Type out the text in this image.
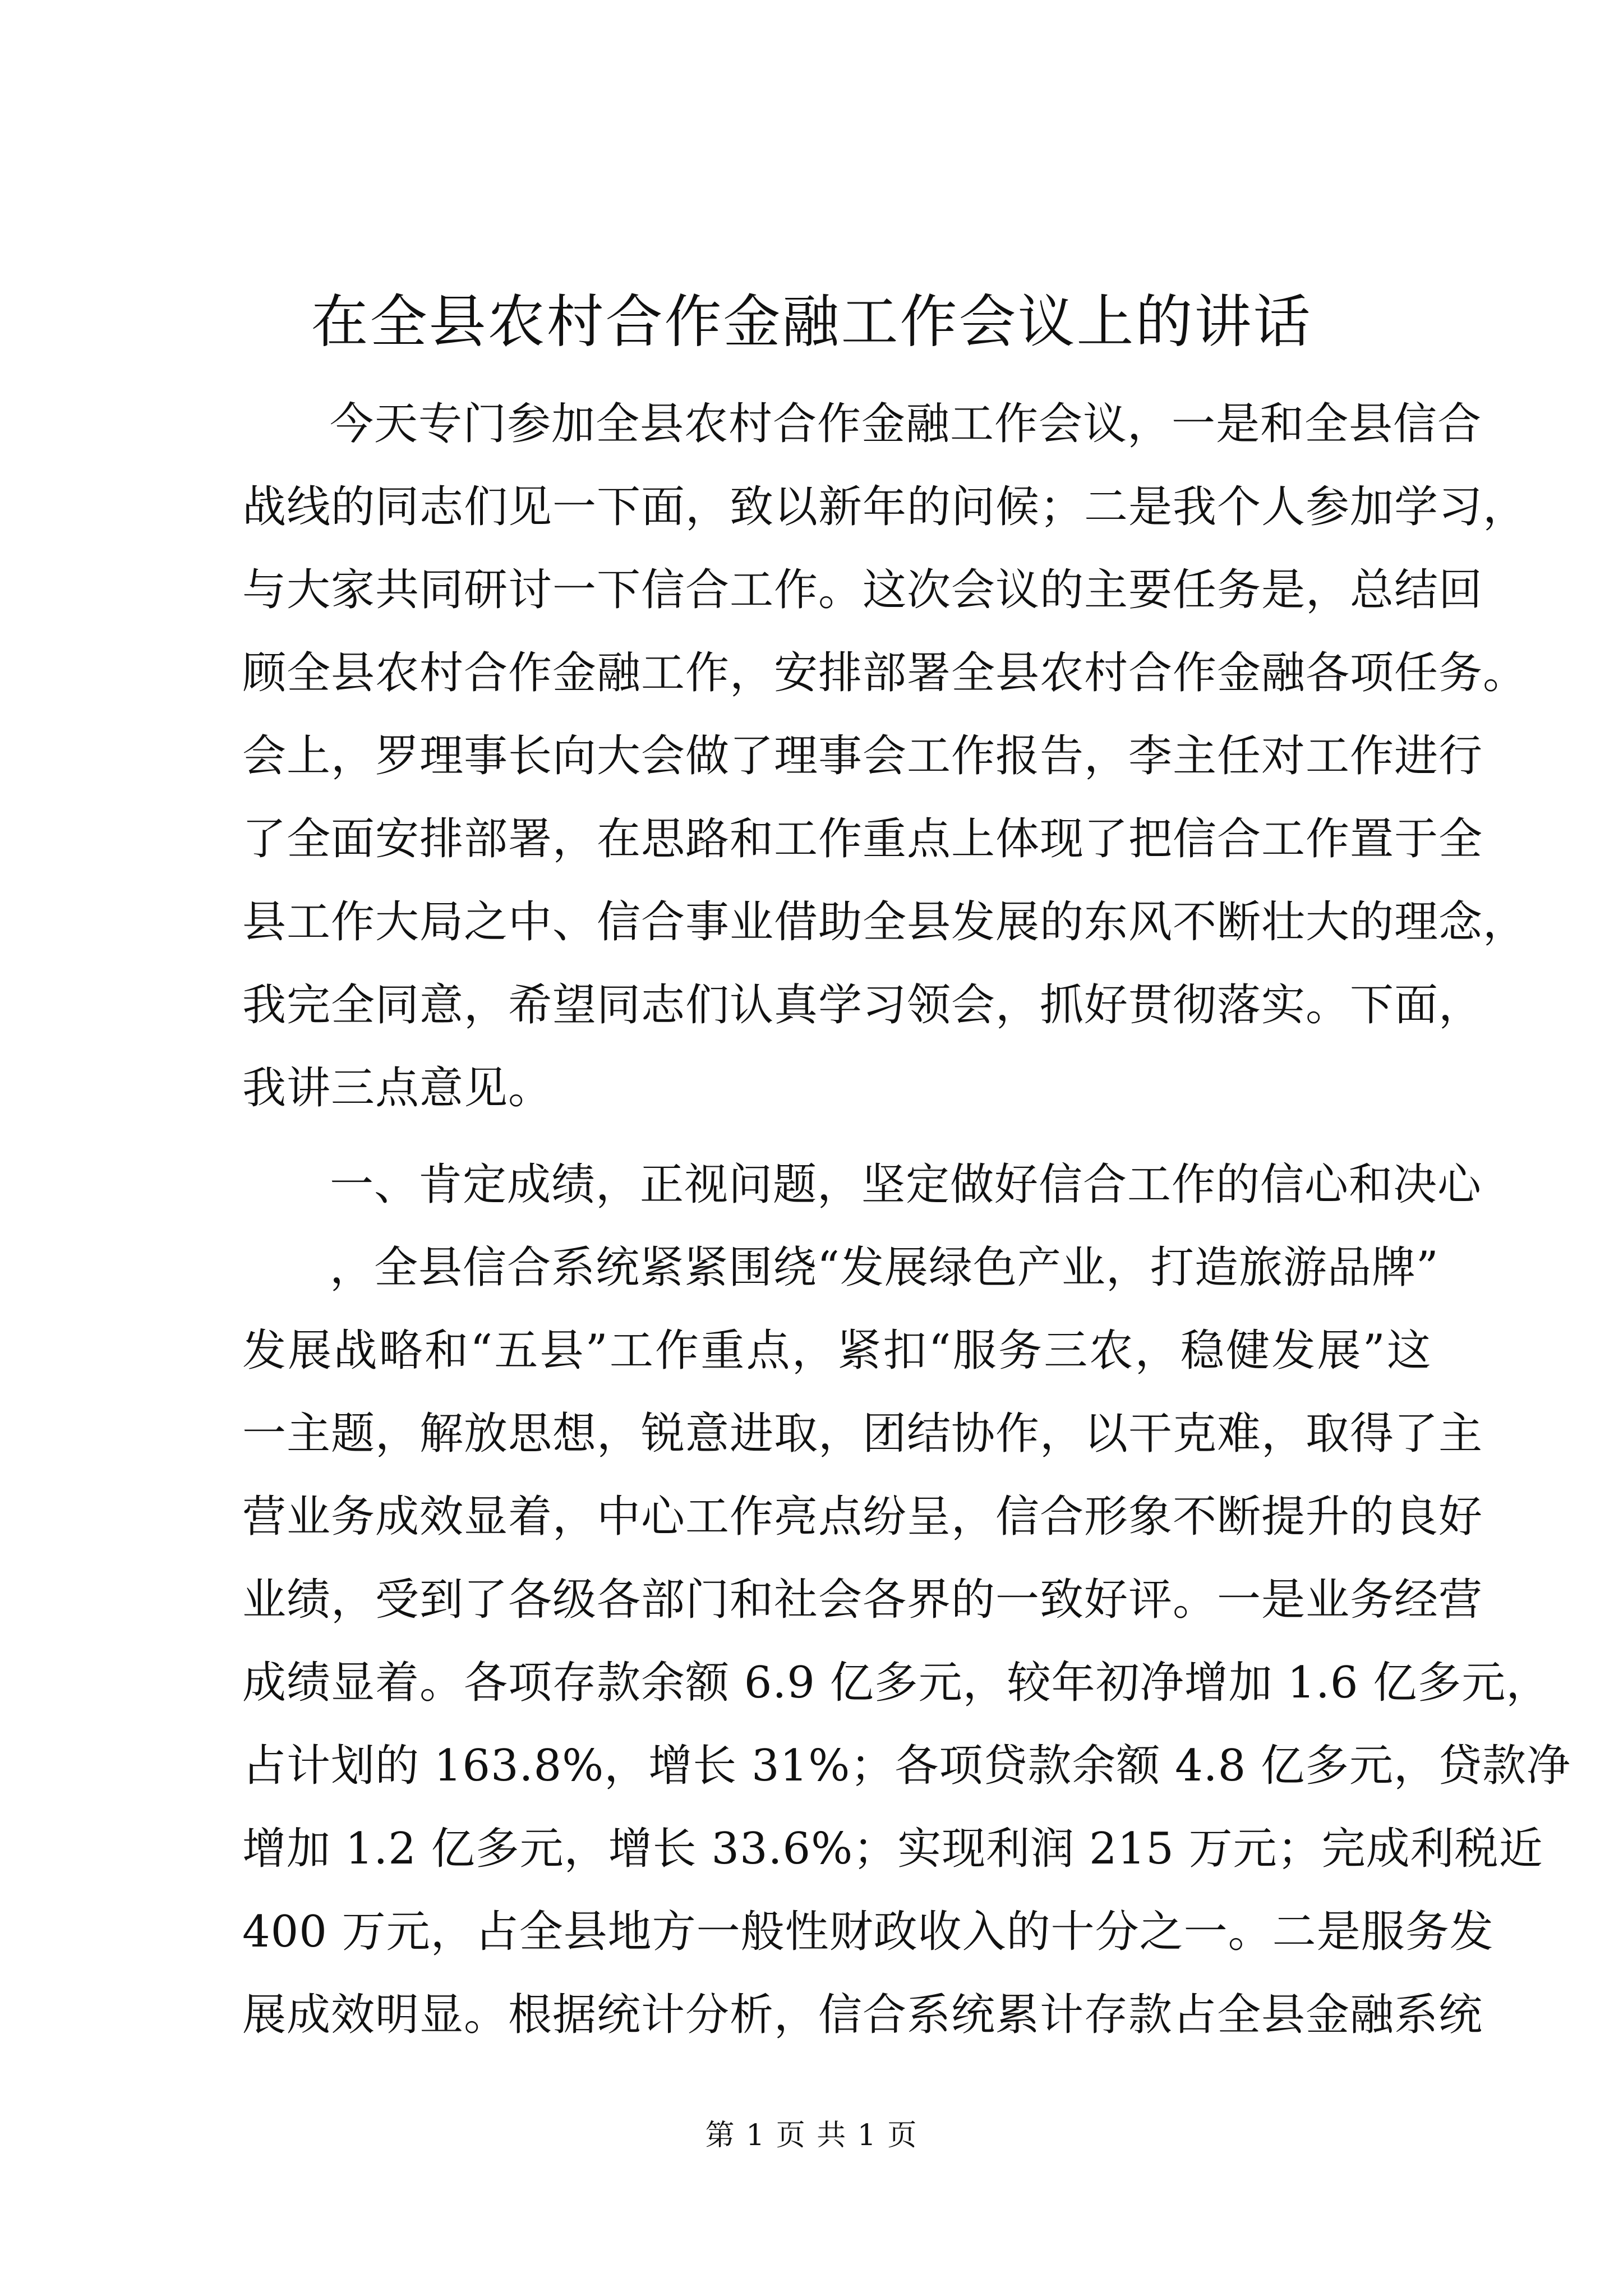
在全县农村合作金融工作会议上的讲话
今天专门参加全县农村合作金融工作会议，一是和全县信合
战线的同志们见一下面，致以新年的问候；二是我个人参加学习，
与大家共同研讨一下信合工作。这次会议的主要任务是，总结回
顾全县农村合作金融工作，安排部署全县农村合作金融各项任务。
会上，罗理事长向大会做了理事会工作报告，李主任对工作进行
了全面安排部署，在思路和工作重点上体现了把信合工作置于全
县工作大局之中、信合事业借助全县发展的东风不断壮大的理念，
我完全同意，希望同志们认真学习领会，抓好贯彻落实。下面，
我讲三点意见。
一、肯定成绩，正视问题，坚定做好信合工作的信心和决心
，全县信合系统紧紧围绕“发展绿色产业，打造旅游品牌”
发展战略和“五县”工作重点，紧扣“服务三农，稳健发展”这
一主题，解放思想，锐意进取，团结协作，以干克难，取得了主
营业务成效显着，中心工作亮点纷呈，信合形象不断提升的良好
业绩，受到了各级各部门和社会各界的一致好评。一是业务经营
成绩显着。各项存款余额 6.9 亿多元，较年初净增加 1.6 亿多元，
占计划的 163.8%，增长 31%；各项贷款余额 4.8 亿多元，贷款净
增加 1.2 亿多元，增长 33.6%；实现利润 215 万元；完成利税近
400 万元，占全县地方一般性财政收入的十分之一。二是服务发
展成效明显。根据统计分析，信合系统累计存款占全县金融系统
第 1 页 共 1 页
